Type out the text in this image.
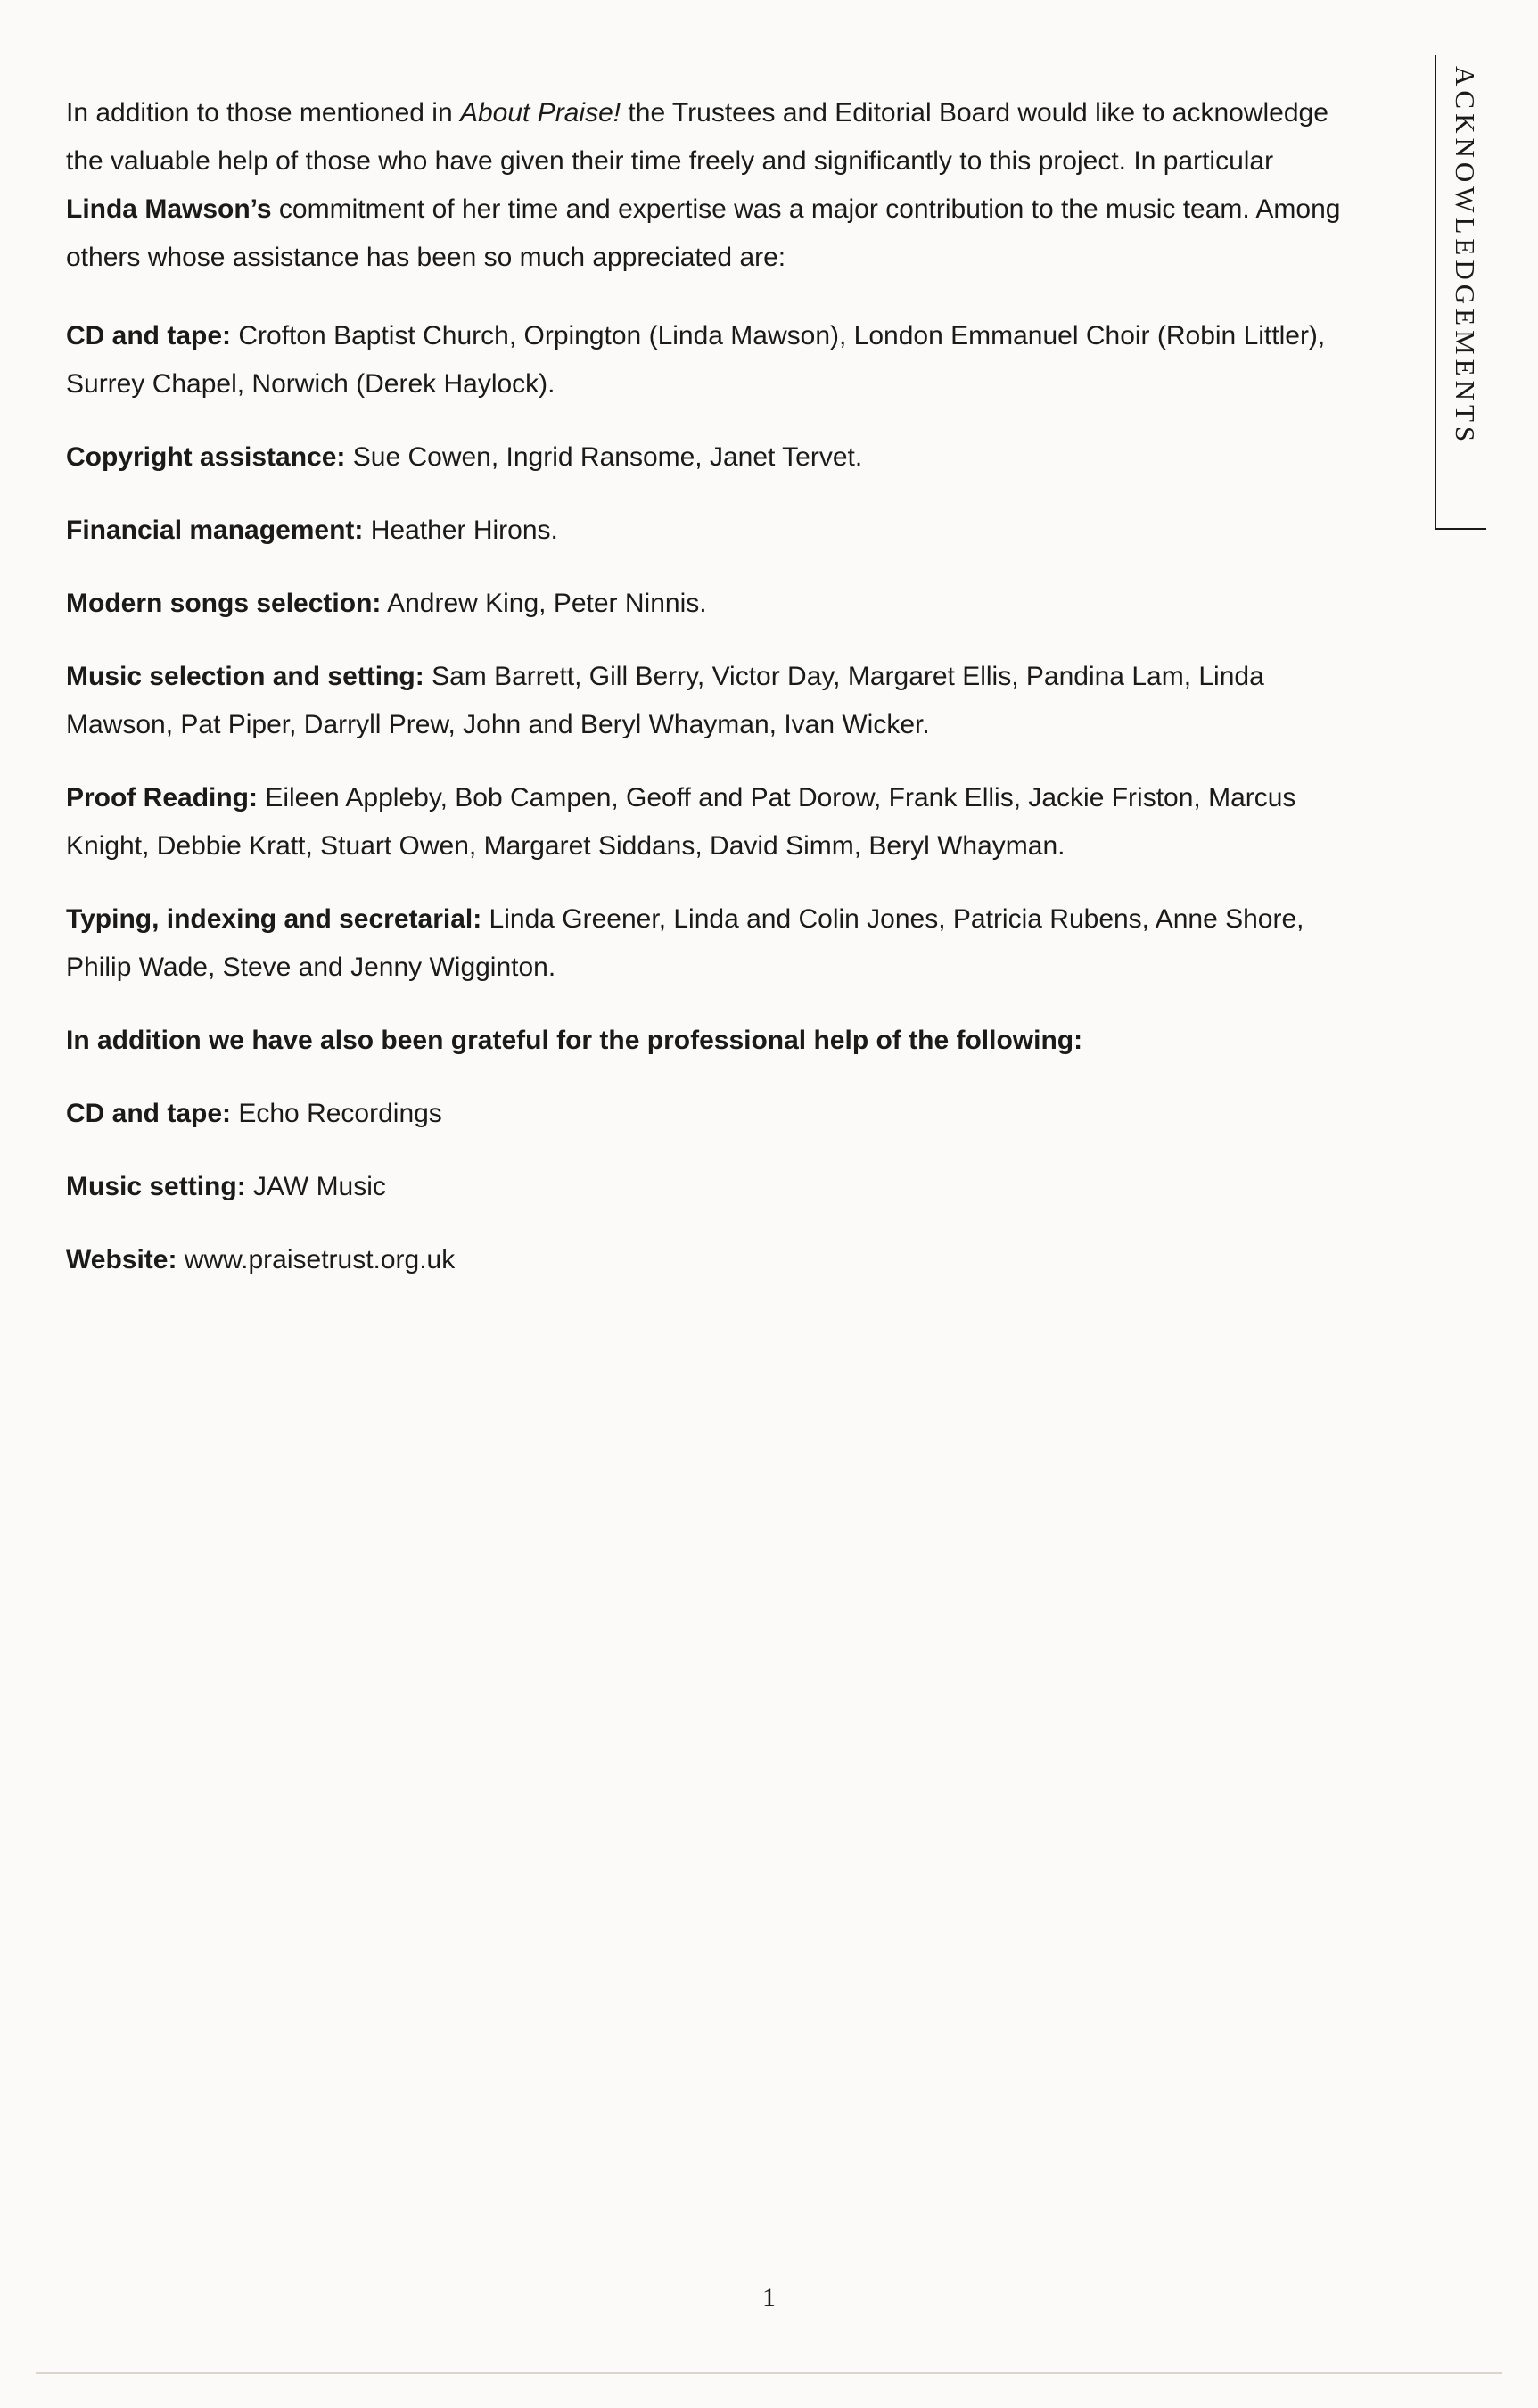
ACKNOWLEDGEMENTS

In addition to those mentioned in About Praise! the Trustees and Editorial Board would like to acknowledge the valuable help of those who have given their time freely and significantly to this project. In particular Linda Mawson’s commitment of her time and expertise was a major contribution to the music team. Among others whose assistance has been so much appreciated are:

CD and tape: Crofton Baptist Church, Orpington (Linda Mawson), London Emmanuel Choir (Robin Littler), Surrey Chapel, Norwich (Derek Haylock).

Copyright assistance: Sue Cowen, Ingrid Ransome, Janet Tervet.

Financial management: Heather Hirons.

Modern songs selection: Andrew King, Peter Ninnis.

Music selection and setting: Sam Barrett, Gill Berry, Victor Day, Margaret Ellis, Pandina Lam, Linda Mawson, Pat Piper, Darryll Prew, John and Beryl Whayman, Ivan Wicker.

Proof Reading: Eileen Appleby, Bob Campen, Geoff and Pat Dorow, Frank Ellis, Jackie Friston, Marcus Knight, Debbie Kratt, Stuart Owen, Margaret Siddans, David Simm, Beryl Whayman.

Typing, indexing and secretarial: Linda Greener, Linda and Colin Jones, Patricia Rubens, Anne Shore, Philip Wade, Steve and Jenny Wigginton.

In addition we have also been grateful for the professional help of the following:

CD and tape: Echo Recordings

Music setting: JAW Music

Website: www.praisetrust.org.uk

1
